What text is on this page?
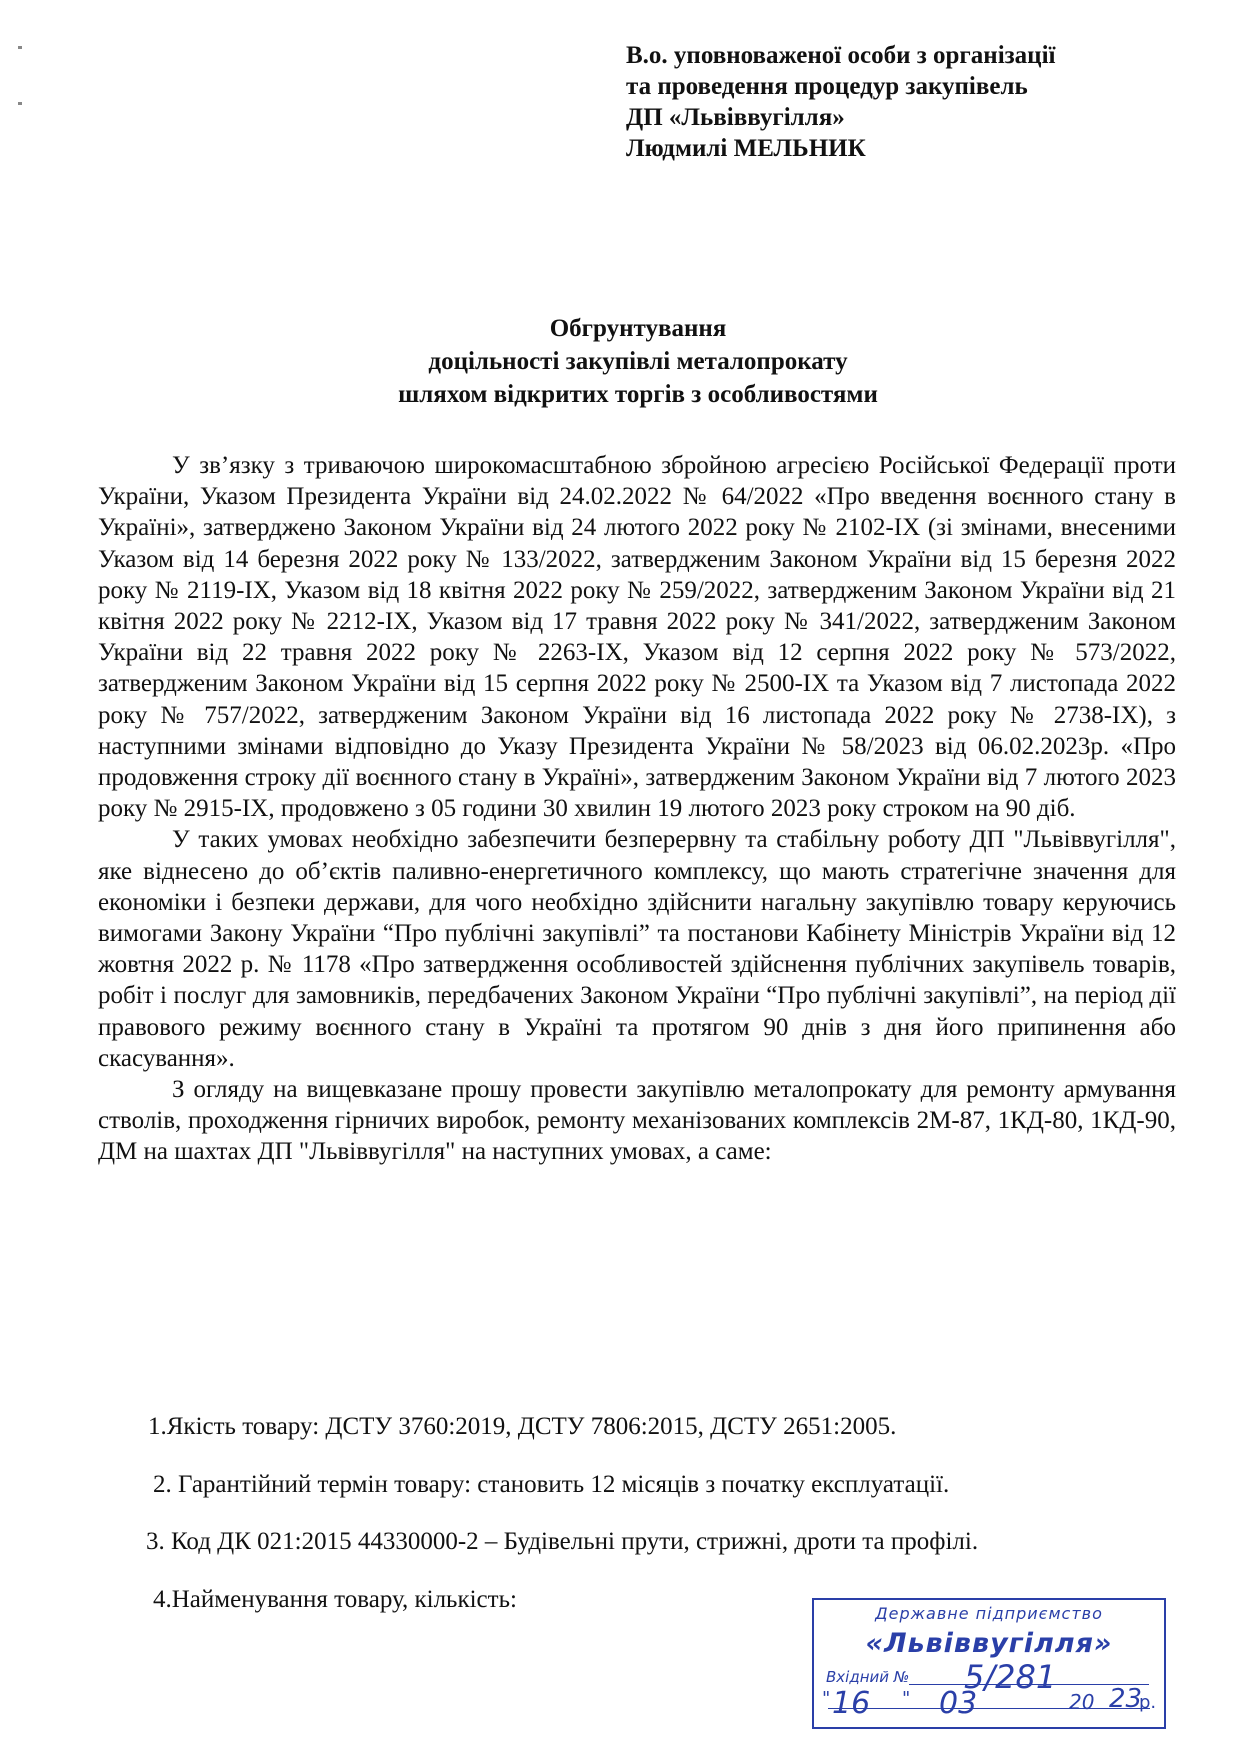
В.о. уповноваженої особи з організації
та проведення процедур закупівель
ДП «Львіввугілля»
Людмилі МЕЛЬНИК
Обгрунтування
доцільності закупівлі металопрокату
шляхом відкритих торгів з особливостями

У зв’язку з триваючою широкомасштабною збройною агресією Російської Федерації проти України, Указом Президента України від 24.02.2022 № 64/2022 «Про введення воєнного стану в Україні», затверджено Законом України від 24 лютого 2022 року № 2102-IX (зі змінами, внесеними Указом від 14 березня 2022 року № 133/2022, затвердженим Законом України від 15 березня 2022 року № 2119-IX, Указом від 18 квітня 2022 року № 259/2022, затвердженим Законом України від 21 квітня 2022 року № 2212-IX, Указом від 17 травня 2022 року № 341/2022, затвердженим Законом України від 22 травня 2022 року № 2263-IX, Указом від 12 серпня 2022 року № 573/2022, затвердженим Законом України від 15 серпня 2022 року № 2500-IX та Указом від 7 листопада 2022 року № 757/2022, затвердженим Законом України від 16 листопада 2022 року № 2738-IX), з наступними змінами відповідно до Указу Президента України № 58/2023 від 06.02.2023р. «Про продовження строку дії воєнного стану в Україні», затвердженим Законом України від 7 лютого 2023 року № 2915-IX, продовжено з 05 години 30 хвилин 19 лютого 2023 року строком на 90 діб.

У таких умовах необхідно забезпечити безперервну та стабільну роботу ДП "Львіввугілля", яке віднесено до об’єктів паливно-енергетичного комплексу, що мають стратегічне значення для економіки і безпеки держави, для чого необхідно здійснити нагальну закупівлю товару керуючись вимогами Закону України “Про публічні закупівлі” та постанови Кабінету Міністрів України від 12 жовтня 2022 р. № 1178 «Про затвердження особливостей здійснення публічних закупівель товарів, робіт і послуг для замовників, передбачених Законом України “Про публічні закупівлі”, на період дії правового режиму воєнного стану в Україні та протягом 90 днів з дня його припинення або скасування».

З огляду на вищевказане прошу провести закупівлю металопрокату для ремонту армування стволів, проходження гірничих виробок, ремонту механізованих комплексів 2М-87, 1КД-80, 1КД-90, ДМ на шахтах ДП "Львіввугілля" на наступних умовах, а саме:

1.Якість товару: ДСТУ 3760:2019, ДСТУ 7806:2015, ДСТУ 2651:2005.
2. Гарантійний термін товару: становить 12 місяців з початку експлуатації.
3. Код ДК 021:2015 44330000-2 – Будівельні прути, стрижні, дроти та профілі.
4.Найменування товару, кількість:
Державне підприємство
«Львіввугілля»
Вхідний № 5/281
" 16 " 03	20 23
р.
